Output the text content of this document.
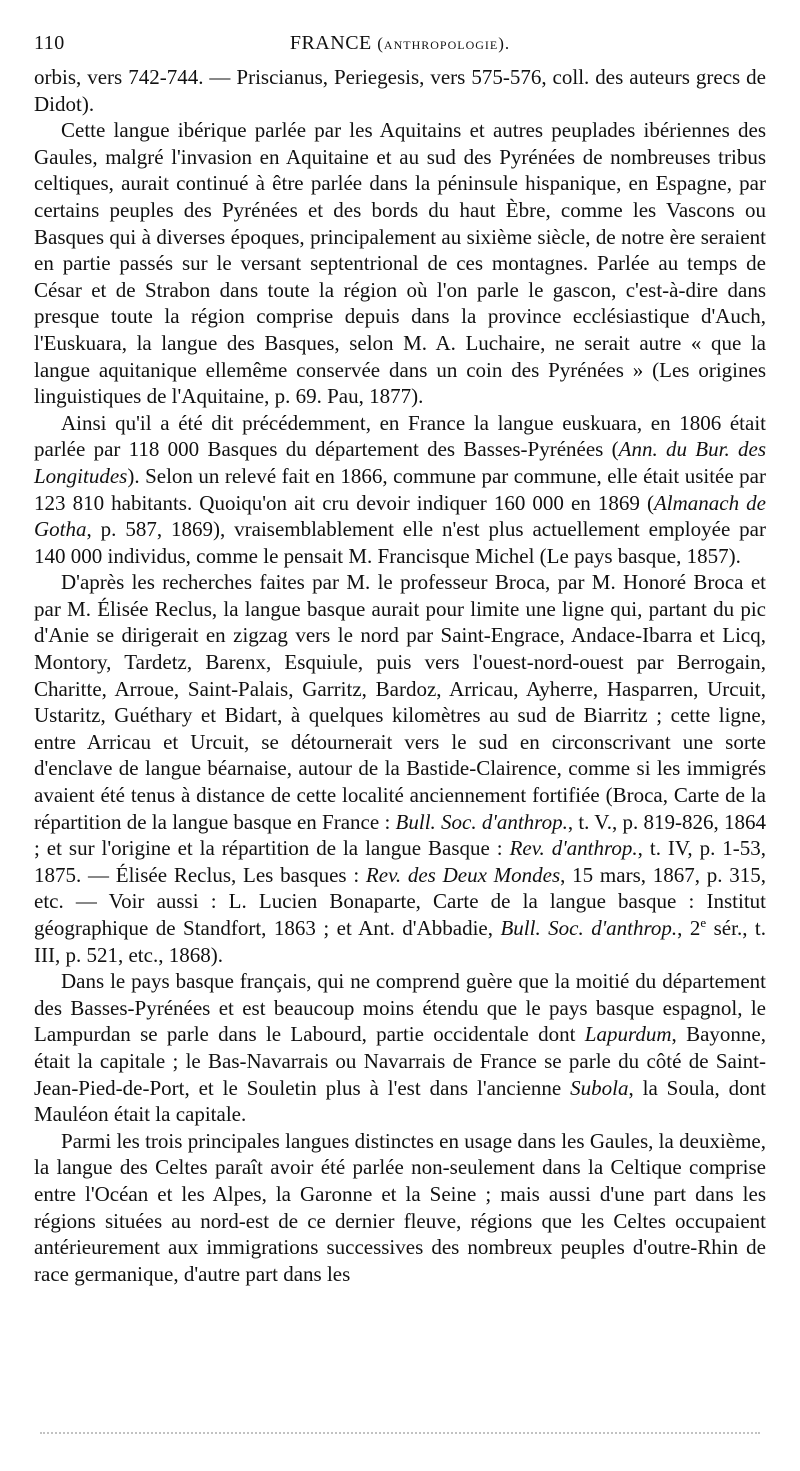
110	FRANCE (anthropologie).

orbis, vers 742-744. — Priscianus, Periegesis, vers 575-576, coll. des auteurs grecs de Didot).

Cette langue ibérique parlée par les Aquitains et autres peuplades ibériennes des Gaules, malgré l'invasion en Aquitaine et au sud des Pyrénées de nombreuses tribus celtiques, aurait continué à être parlée dans la péninsule hispanique, en Espagne, par certains peuples des Pyrénées et des bords du haut Èbre, comme les Vascons ou Basques qui à diverses époques, principalement au sixième siècle, de notre ère seraient en partie passés sur le versant septentrional de ces montagnes. Parlée au temps de César et de Strabon dans toute la région où l'on parle le gascon, c'est-à-dire dans presque toute la région comprise depuis dans la province ecclésiastique d'Auch, l'Euskuara, la langue des Basques, selon M. A. Luchaire, ne serait autre « que la langue aquitanique ellemême conservée dans un coin des Pyrénées » (Les origines linguistiques de l'Aquitaine, p. 69. Pau, 1877).

Ainsi qu'il a été dit précédemment, en France la langue euskuara, en 1806 était parlée par 118 000 Basques du département des Basses-Pyrénées (Ann. du Bur. des Longitudes). Selon un relevé fait en 1866, commune par commune, elle était usitée par 123 810 habitants. Quoiqu'on ait cru devoir indiquer 160 000 en 1869 (Almanach de Gotha, p. 587, 1869), vraisemblablement elle n'est plus actuellement employée par 140 000 individus, comme le pensait M. Francisque Michel (Le pays basque, 1857).

D'après les recherches faites par M. le professeur Broca, par M. Honoré Broca et par M. Élisée Reclus, la langue basque aurait pour limite une ligne qui, partant du pic d'Anie se dirigerait en zigzag vers le nord par Saint-Engrace, Andace-Ibarra et Licq, Montory, Tardetz, Barenx, Esquiule, puis vers l'ouest-nord-ouest par Berrogain, Charitte, Arroue, Saint-Palais, Garritz, Bardoz, Arricau, Ayherre, Hasparren, Urcuit, Ustaritz, Guéthary et Bidart, à quelques kilomètres au sud de Biarritz ; cette ligne, entre Arricau et Urcuit, se détournerait vers le sud en circonscrivant une sorte d'enclave de langue béarnaise, autour de la Bastide-Clairence, comme si les immigrés avaient été tenus à distance de cette localité anciennement fortifiée (Broca, Carte de la répartition de la langue basque en France : Bull. Soc. d'anthrop., t. V., p. 819-826, 1864 ; et sur l'origine et la répartition de la langue Basque : Rev. d'anthrop., t. IV, p. 1-53, 1875. — Élisée Reclus, Les basques : Rev. des Deux Mondes, 15 mars, 1867, p. 315, etc. — Voir aussi : L. Lucien Bonaparte, Carte de la langue basque : Institut géographique de Standfort, 1863 ; et Ant. d'Abbadie, Bull. Soc. d'anthrop., 2e sér., t. III, p. 521, etc., 1868).

Dans le pays basque français, qui ne comprend guère que la moitié du département des Basses-Pyrénées et est beaucoup moins étendu que le pays basque espagnol, le Lampurdan se parle dans le Labourd, partie occidentale dont Lapurdum, Bayonne, était la capitale ; le Bas-Navarrais ou Navarrais de France se parle du côté de Saint-Jean-Pied-de-Port, et le Souletin plus à l'est dans l'ancienne Subola, la Soula, dont Mauléon était la capitale.

Parmi les trois principales langues distinctes en usage dans les Gaules, la deuxième, la langue des Celtes paraît avoir été parlée non-seulement dans la Celtique comprise entre l'Océan et les Alpes, la Garonne et la Seine ; mais aussi d'une part dans les régions situées au nord-est de ce dernier fleuve, régions que les Celtes occupaient antérieurement aux immigrations successives des nombreux peuples d'outre-Rhin de race germanique, d'autre part dans les
